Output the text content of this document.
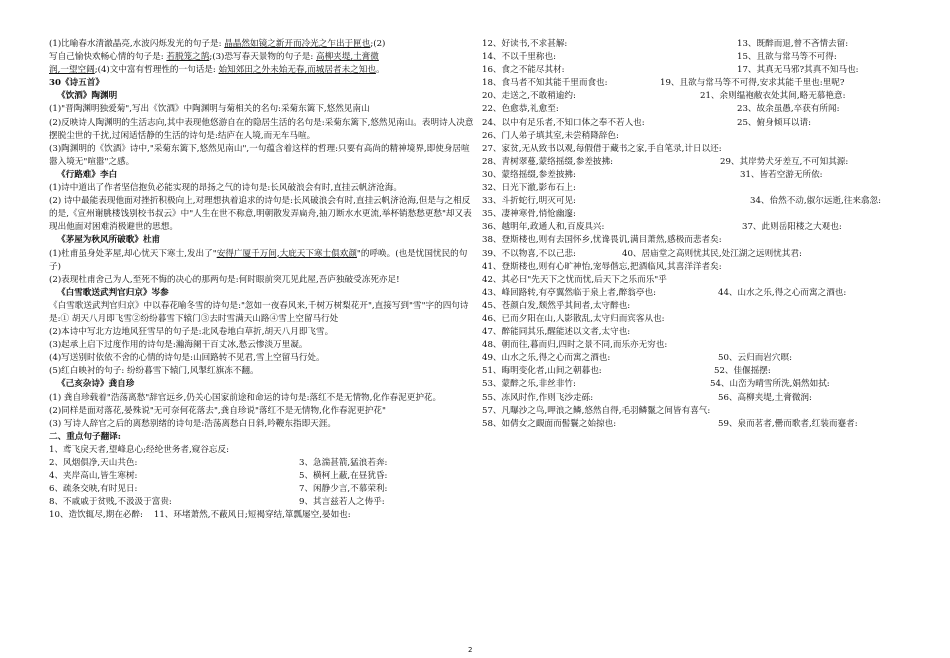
(1)比喻春水清澈晶亮,水波闪烁发光的句子是: 晶晶然如镜之新开而冷光之乍出于匣也;(2)
写自己愉快欢畅心情的句子是: 若脱笼之鹄;(3)恐写春天景物的句子是: 高柳夹堤,土膏微
润,一望空阔;(4)文中富有哲理性的一句话是: 始知郊田之外未始无春,而城居者未之知也。
30《诗五首》
《饮酒》陶渊明
(1)"晋陶渊明独爱菊",写出《饮酒》中陶渊明与菊相关的名句:采菊东篱下,悠然见南山
(2)反映诗人陶渊明的生活志向,其中表现他悠游自在的隐居生活的名句是:采菊东篱下,悠然见南山。表明诗人决意摆脱尘世的千扰,过闲适恬静的生活的诗句是:结庐在人境,而无车马喧。
(3)陶渊明的《饮酒》诗中,"采菊东篱下,悠然见南山",一句蕴含着这样的哲理:只要有高尚的精神境界,即使身居喧嚣入境无"喧嚣"之感。
《行路难》李白
(1)诗中道出了作者坚信抱负必能实现的昂扬之气的诗句是:长风破浪会有时,直挂云帆济沧海。
(2) 诗中最能表现他面对挫折积极向上,对理想执着追求的诗句是:长风破浪会有时,直挂云帆济沧海,但是与之相反的是,《宣州谢朓楼饯别校书叔云》中"人生在世不称意,明朝散发弄扁舟,抽刀断水水更流,举杯销愁愁更愁"却又表现出他面对困难消极避世的思想。
《茅屋为秋风所破歌》杜甫
(1)杜甫虽身处茅屋,却心忧天下寒士,发出了"安得广厦千万间,大庇天下寒士俱欢颜"的呼唤。(也是忧国忧民的句子)
(2)表现杜甫舍己为人,至死不悔的决心的那两句是:何时眼前突兀见此屋,吾庐独破受冻死亦足!
《白雪歌送武判官归京》岑参
《白雪歌送武判官归京》中以春花喻冬雪的诗句是:"忽如一夜春风来,千树万树梨花开",直接写到"雪"字的四句诗是:① 胡天八月即飞雪②纷纷暮雪下辕门③去时雪满天山路④雪上空留马行处
(2)本诗中写北方边地风狂雪早的句子是:北风卷地白草折,胡天八月即飞雪。
(3)起承上启下过度作用的诗句是:瀚海阑干百丈冰,愁云惨淡万里凝。
(4)写送别时依依不舍的心情的诗句是:山回路转不见君,雪上空留马行处。
(5)红白映衬的句子: 纷纷暮雪下辕门,风掣红旗冻不翻。
《己亥杂诗》龚自珍
(1) 龚自珍载着"浩荡离愁"辞官远乡,仍关心国家前途和命运的诗句是:落红不是无情物,化作春泥更护花。
(2)同样是面对落花,晏殊说"无可奈何花落去",龚自珍说"落红不是无情物,化作春泥更护花"
(3) 写诗人辞官之后的离愁别绪的诗句是:浩荡离愁白日斜,吟鞭东指即天涯。
二、重点句子翻译:
1、鸢飞戾天者,望峰息心;经纶世务者,窥谷忘反:
2、风烟俱净,天山共色:	3、急湍甚箭,猛浪若奔:
4、夹岸高山,皆生寒树:	5、横柯上蔽,在昼犹昏:
6、疏条交映,有时见日:	7、闲静少言,不慕荣利:
8、不戚戚于贫贱,不汲汲于富贵:	9、其言兹若人之俦乎:
10、造饮辄尽,期在必醉: 11、环堵萧然,不蔽风日;短褐穿结,箪瓢屡空,晏如也:
12、好读书,不求甚解:	13、既醉而退,曾不吝情去留:
14、不以千里称也:	15、且欲与常马等不可得:
16、食之不能尽其材:	17、其真无马邪?其真不知马也:
18、食马者不知其能千里而食也:	19、且欲与常马等不可得,安求其能千里也:里呢?
20、走送之,不敢稍逾约:	21、余则缊袍敝衣处其间,略无慕艳意:
22、色愈恭,礼愈至:	23、故余虽愚,卒获有所闻:
24、以中有足乐者,不知口体之奉不若人也:	25、俯身倾耳以请:
26、门人弟子填其室,未尝稍降辞色:
27、家贫,无从致书以观,每假借于藏书之家,手自笔录,计日以还:
28、青树翠蔓,蒙络摇缀,参差披拂:	29、其岸势犬牙差互,不可知其源:
30、蒙络摇缀,参差披拂:	31、皆若空游无所依:
32、日光下澈,影布石上:
33、斗折蛇行,明灭可见:	34、佁然不动,俶尔远逝,往来翕忽:
35、凄神寒骨,悄怆幽邃:
36、越明年,政通人和,百废具兴:	37、此则岳阳楼之大观也:
38、登斯楼也,则有去国怀乡,忧谗畏讥,满目萧然,感极而悲者矣:
39、不以物喜,不以己悲:	40、居庙堂之高则忧其民,处江湖之远则忧其君:
41、登斯楼也,则有心旷神怡,宠辱偕忘,把酒临风,其喜洋洋者矣:
42、其必曰"先天下之忧而忧,后天下之乐而乐"乎
43、峰回路转,有亭翼然临于泉上者,醉翁亭也:	44、山水之乐,得之心而寓之酒也:
45、苍颜白发,颓然乎其间者,太守醉也:
46、已而夕阳在山,人影散乱,太守归而宾客从也:
47、醉能同其乐,醒能述以文者,太守也:
48、朝而往,暮而归,四时之景不同,而乐亦无穷也:
49、山水之乐,得之心而寓之酒也:	50、云归而岩穴暝:
51、晦明变化者,山间之朝暮也:	52、佳偃摇摆:
53、蒙醉之乐,非丝非竹:	54、山峦为晴雪所洗,娟然如拭:
55、冻风时作,作则飞沙走砾:	56、高柳夹堤,土膏微润:
57、凡曝沙之鸟,呷浪之鳞,悠然自得,毛羽鳞鬣之间皆有喜气:
58、如倩女之靦面而髻鬟之始掠也:	59、泉而茗者,罍而歌者,红装而蹇者:
2
